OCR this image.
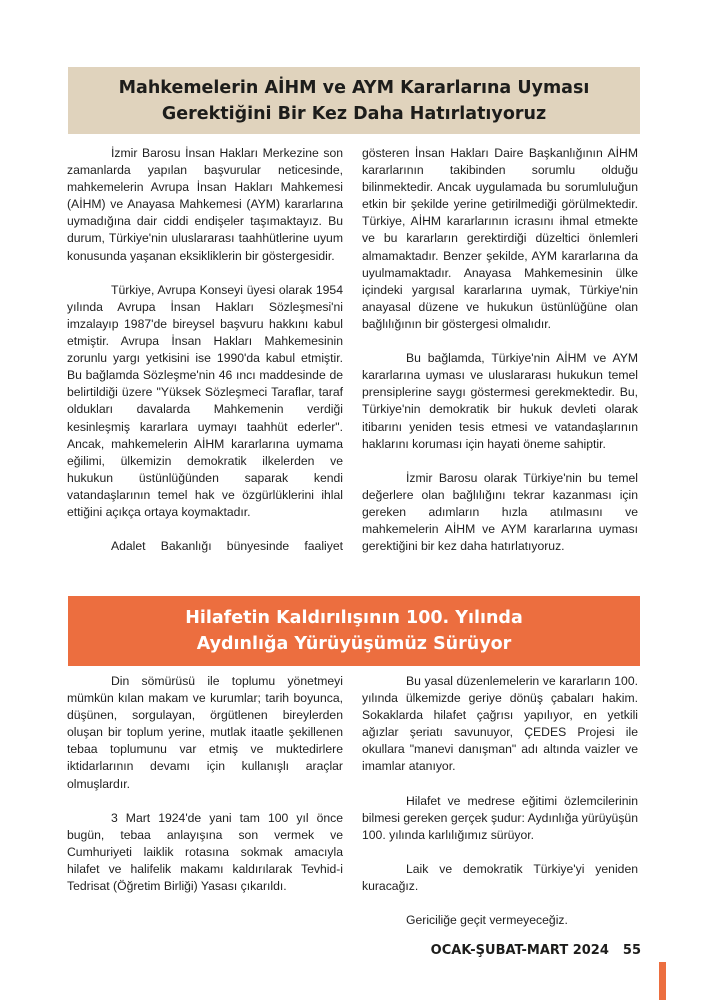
Mahkemelerin AİHM ve AYM Kararlarına Uyması
Gerektiğini Bir Kez Daha Hatırlatıyoruz

İzmir Barosu İnsan Hakları Merkezine son zamanlarda yapılan başvurular neticesinde, mahkemelerin Avrupa İnsan Hakları Mahkemesi (AİHM) ve Anayasa Mahkemesi (AYM) kararlarına uymadığına dair ciddi endişeler taşımaktayız. Bu durum, Türkiye'nin uluslararası taahhütlerine uyum konusunda yaşanan eksikliklerin bir göstergesidir.

Türkiye, Avrupa Konseyi üyesi olarak 1954 yılında Avrupa İnsan Hakları Sözleşmesi'ni imzalayıp 1987'de bireysel başvuru hakkını kabul etmiştir. Avrupa İnsan Hakları Mahkemesinin zorunlu yargı yetkisini ise 1990'da kabul etmiştir. Bu bağlamda Sözleşme'nin 46 ıncı maddesinde de belirtildiği üzere "Yüksek Sözleşmeci Taraflar, taraf oldukları davalarda Mahkemenin verdiği kesinleşmiş kararlara uymayı taahhüt ederler". Ancak, mahkemelerin AİHM kararlarına uymama eğilimi, ülkemizin demokratik ilkelerden ve hukukun üstünlüğünden saparak kendi vatandaşlarının temel hak ve özgürlüklerini ihlal ettiğini açıkça ortaya koymaktadır.

Adalet Bakanlığı bünyesinde faaliyet

gösteren İnsan Hakları Daire Başkanlığının AİHM kararlarının takibinden sorumlu olduğu bilinmektedir. Ancak uygulamada bu sorumluluğun etkin bir şekilde yerine getirilmediği görülmektedir. Türkiye, AİHM kararlarının icrasını ihmal etmekte ve bu kararların gerektirdiği düzeltici önlemleri almamaktadır. Benzer şekilde, AYM kararlarına da uyulmamaktadır. Anayasa Mahkemesinin ülke içindeki yargısal kararlarına uymak, Türkiye'nin anayasal düzene ve hukukun üstünlüğüne olan bağlılığının bir göstergesi olmalıdır.

Bu bağlamda, Türkiye'nin AİHM ve AYM kararlarına uyması ve uluslararası hukukun temel prensiplerine saygı göstermesi gerekmektedir. Bu, Türkiye'nin demokratik bir hukuk devleti olarak itibarını yeniden tesis etmesi ve vatandaşlarının haklarını koruması için hayati öneme sahiptir.

İzmir Barosu olarak Türkiye'nin bu temel değerlere olan bağlılığını tekrar kazanması için gereken adımların hızla atılmasını ve mahkemelerin AİHM ve AYM kararlarına uyması gerektiğini bir kez daha hatırlatıyoruz.

Hilafetin Kaldırılışının 100. Yılında
Aydınlığa Yürüyüşümüz Sürüyor

Din sömürüsü ile toplumu yönetmeyi mümkün kılan makam ve kurumlar; tarih boyunca, düşünen, sorgulayan, örgütlenen bireylerden oluşan bir toplum yerine, mutlak itaatle şekillenen tebaa toplumunu var etmiş ve muktedirlere iktidarlarının devamı için kullanışlı araçlar olmuşlardır.

3 Mart 1924'de yani tam 100 yıl önce bugün, tebaa anlayışına son vermek ve Cumhuriyeti laiklik rotasına sokmak amacıyla hilafet ve halifelik makamı kaldırılarak Tevhid-i Tedrisat (Öğretim Birliği) Yasası çıkarıldı.

Bu yasal düzenlemelerin ve kararların 100. yılında ülkemizde geriye dönüş çabaları hakim. Sokaklarda hilafet çağrısı yapılıyor, en yetkili ağızlar şeriatı savunuyor, ÇEDES Projesi ile okullara "manevi danışman" adı altında vaizler ve imamlar atanıyor.

Hilafet ve medrese eğitimi özlemcilerinin bilmesi gereken gerçek şudur: Aydınlığa yürüyüşün 100. yılında karlılığımız sürüyor.

Laik ve demokratik Türkiye'yi yeniden kuracağız.

Gericiliğe geçit vermeyeceğiz.

OCAK-ŞUBAT-MART 2024 55
